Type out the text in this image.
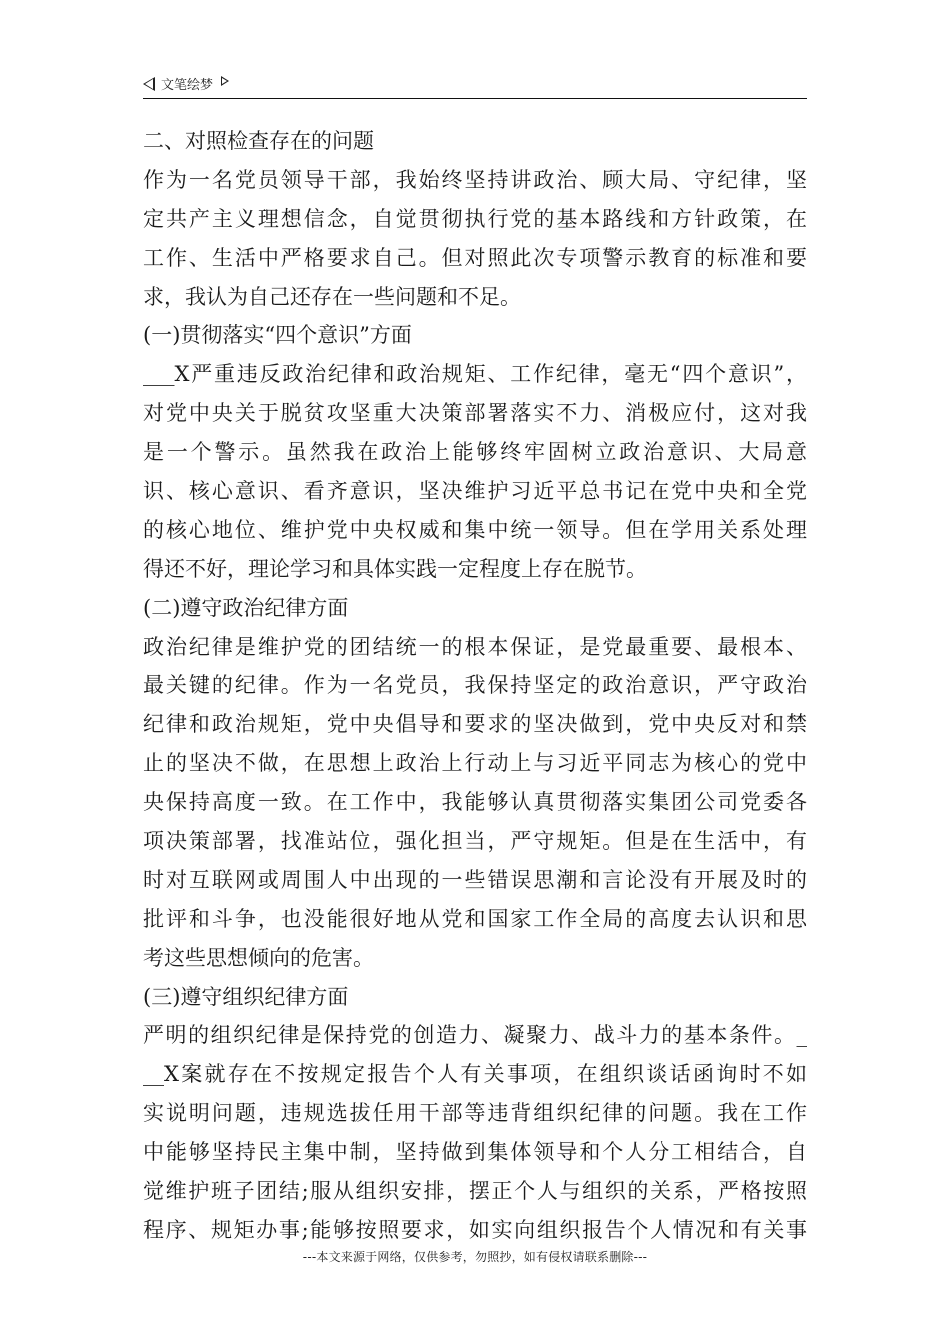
文笔绘梦
二、对照检查存在的问题
作为一名党员领导干部，我始终坚持讲政治、顾大局、守纪律，坚
定共产主义理想信念，自觉贯彻执行党的基本路线和方针政策，在
工作、生活中严格要求自己。但对照此次专项警示教育的标准和要
求，我认为自己还存在一些问题和不足。
(一)贯彻落实“四个意识”方面
___X严重违反政治纪律和政治规矩、工作纪律，毫无“四个意识”，
对党中央关于脱贫攻坚重大决策部署落实不力、消极应付，这对我
是一个警示。虽然我在政治上能够终牢固树立政治意识、大局意
识、核心意识、看齐意识，坚决维护习近平总书记在党中央和全党
的核心地位、维护党中央权威和集中统一领导。但在学用关系处理
得还不好，理论学习和具体实践一定程度上存在脱节。
(二)遵守政治纪律方面
政治纪律是维护党的团结统一的根本保证，是党最重要、最根本、
最关键的纪律。作为一名党员，我保持坚定的政治意识，严守政治
纪律和政治规矩，党中央倡导和要求的坚决做到，党中央反对和禁
止的坚决不做，在思想上政治上行动上与习近平同志为核心的党中
央保持高度一致。在工作中，我能够认真贯彻落实集团公司党委各
项决策部署，找准站位，强化担当，严守规矩。但是在生活中，有
时对互联网或周围人中出现的一些错误思潮和言论没有开展及时的
批评和斗争，也没能很好地从党和国家工作全局的高度去认识和思
考这些思想倾向的危害。
(三)遵守组织纪律方面
严明的组织纪律是保持党的创造力、凝聚力、战斗力的基本条件。_
__X案就存在不按规定报告个人有关事项，在组织谈话函询时不如
实说明问题，违规选拔任用干部等违背组织纪律的问题。我在工作
中能够坚持民主集中制，坚持做到集体领导和个人分工相结合，自
觉维护班子团结;服从组织安排，摆正个人与组织的关系，严格按照
程序、规矩办事;能够按照要求，如实向组织报告个人情况和有关事
---本文来源于网络，仅供参考，勿照抄，如有侵权请联系删除---
